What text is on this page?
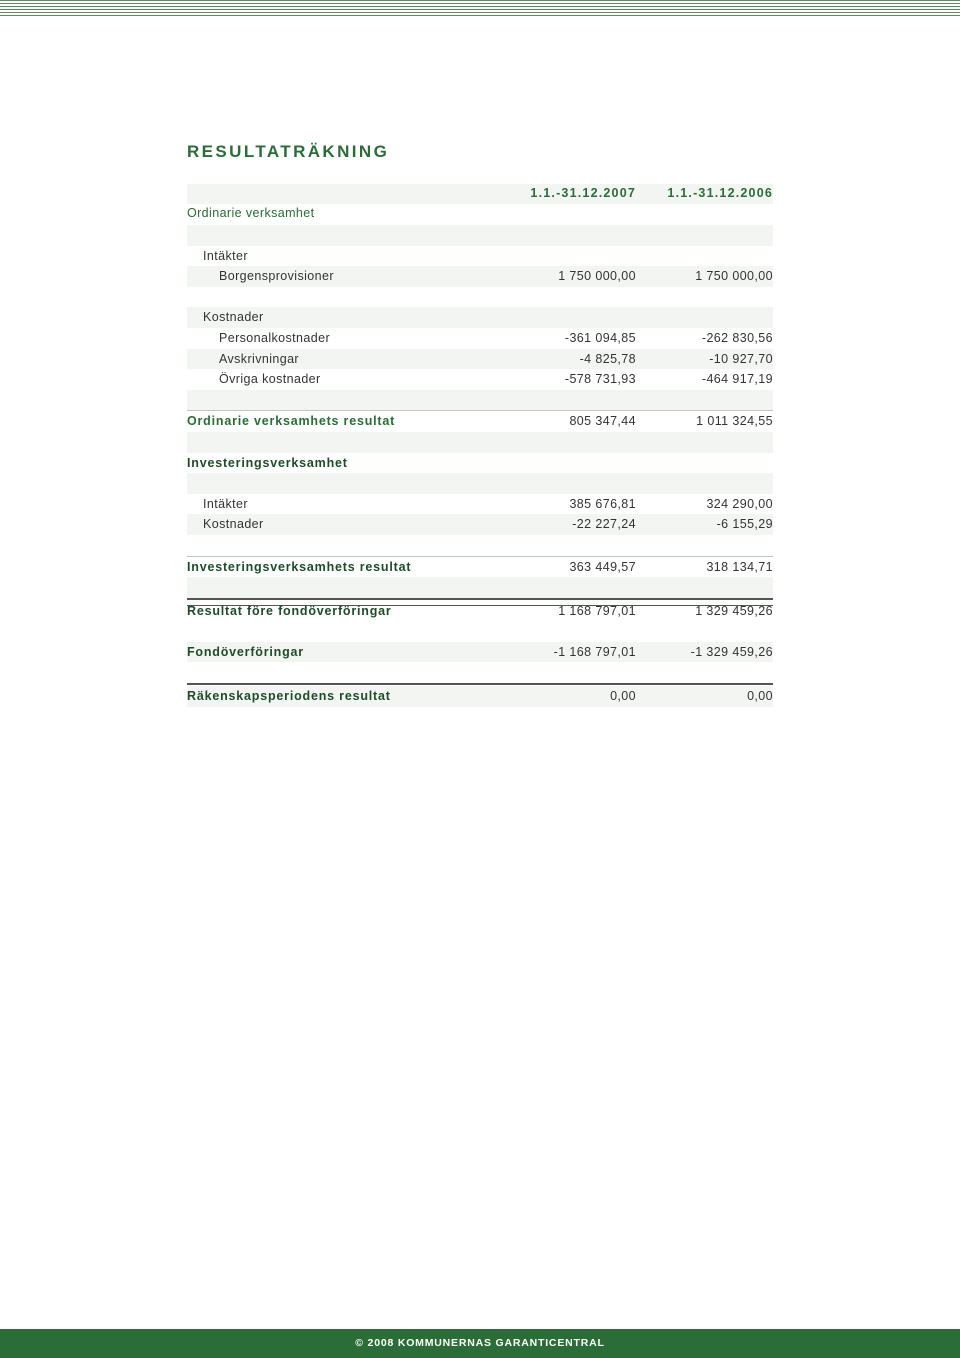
RESULTATRÄKNING
1.1.-31.12.2007	1.1.-31.12.2006
Ordinarie verksamhet
Intäkter
Borgensprovisioner	1 750 000,00	1 750 000,00
Kostnader
Personalkostnader	-361 094,85	-262 830,56
Avskrivningar	-4 825,78	-10 927,70
Övriga kostnader	-578 731,93	-464 917,19
Ordinarie verksamhets resultat	805 347,44	1 011 324,55
Investeringsverksamhet
Intäkter	385 676,81	324 290,00
Kostnader	-22 227,24	-6 155,29
Investeringsverksamhets resultat	363 449,57	318 134,71
Resultat före fondöverföringar	1 168 797,01	1 329 459,26
Fondöverföringar	-1 168 797,01	-1 329 459,26
Räkenskapsperiodens resultat	0,00	0,00
© 2008 KOMMUNERNAS GARANTICENTRAL
